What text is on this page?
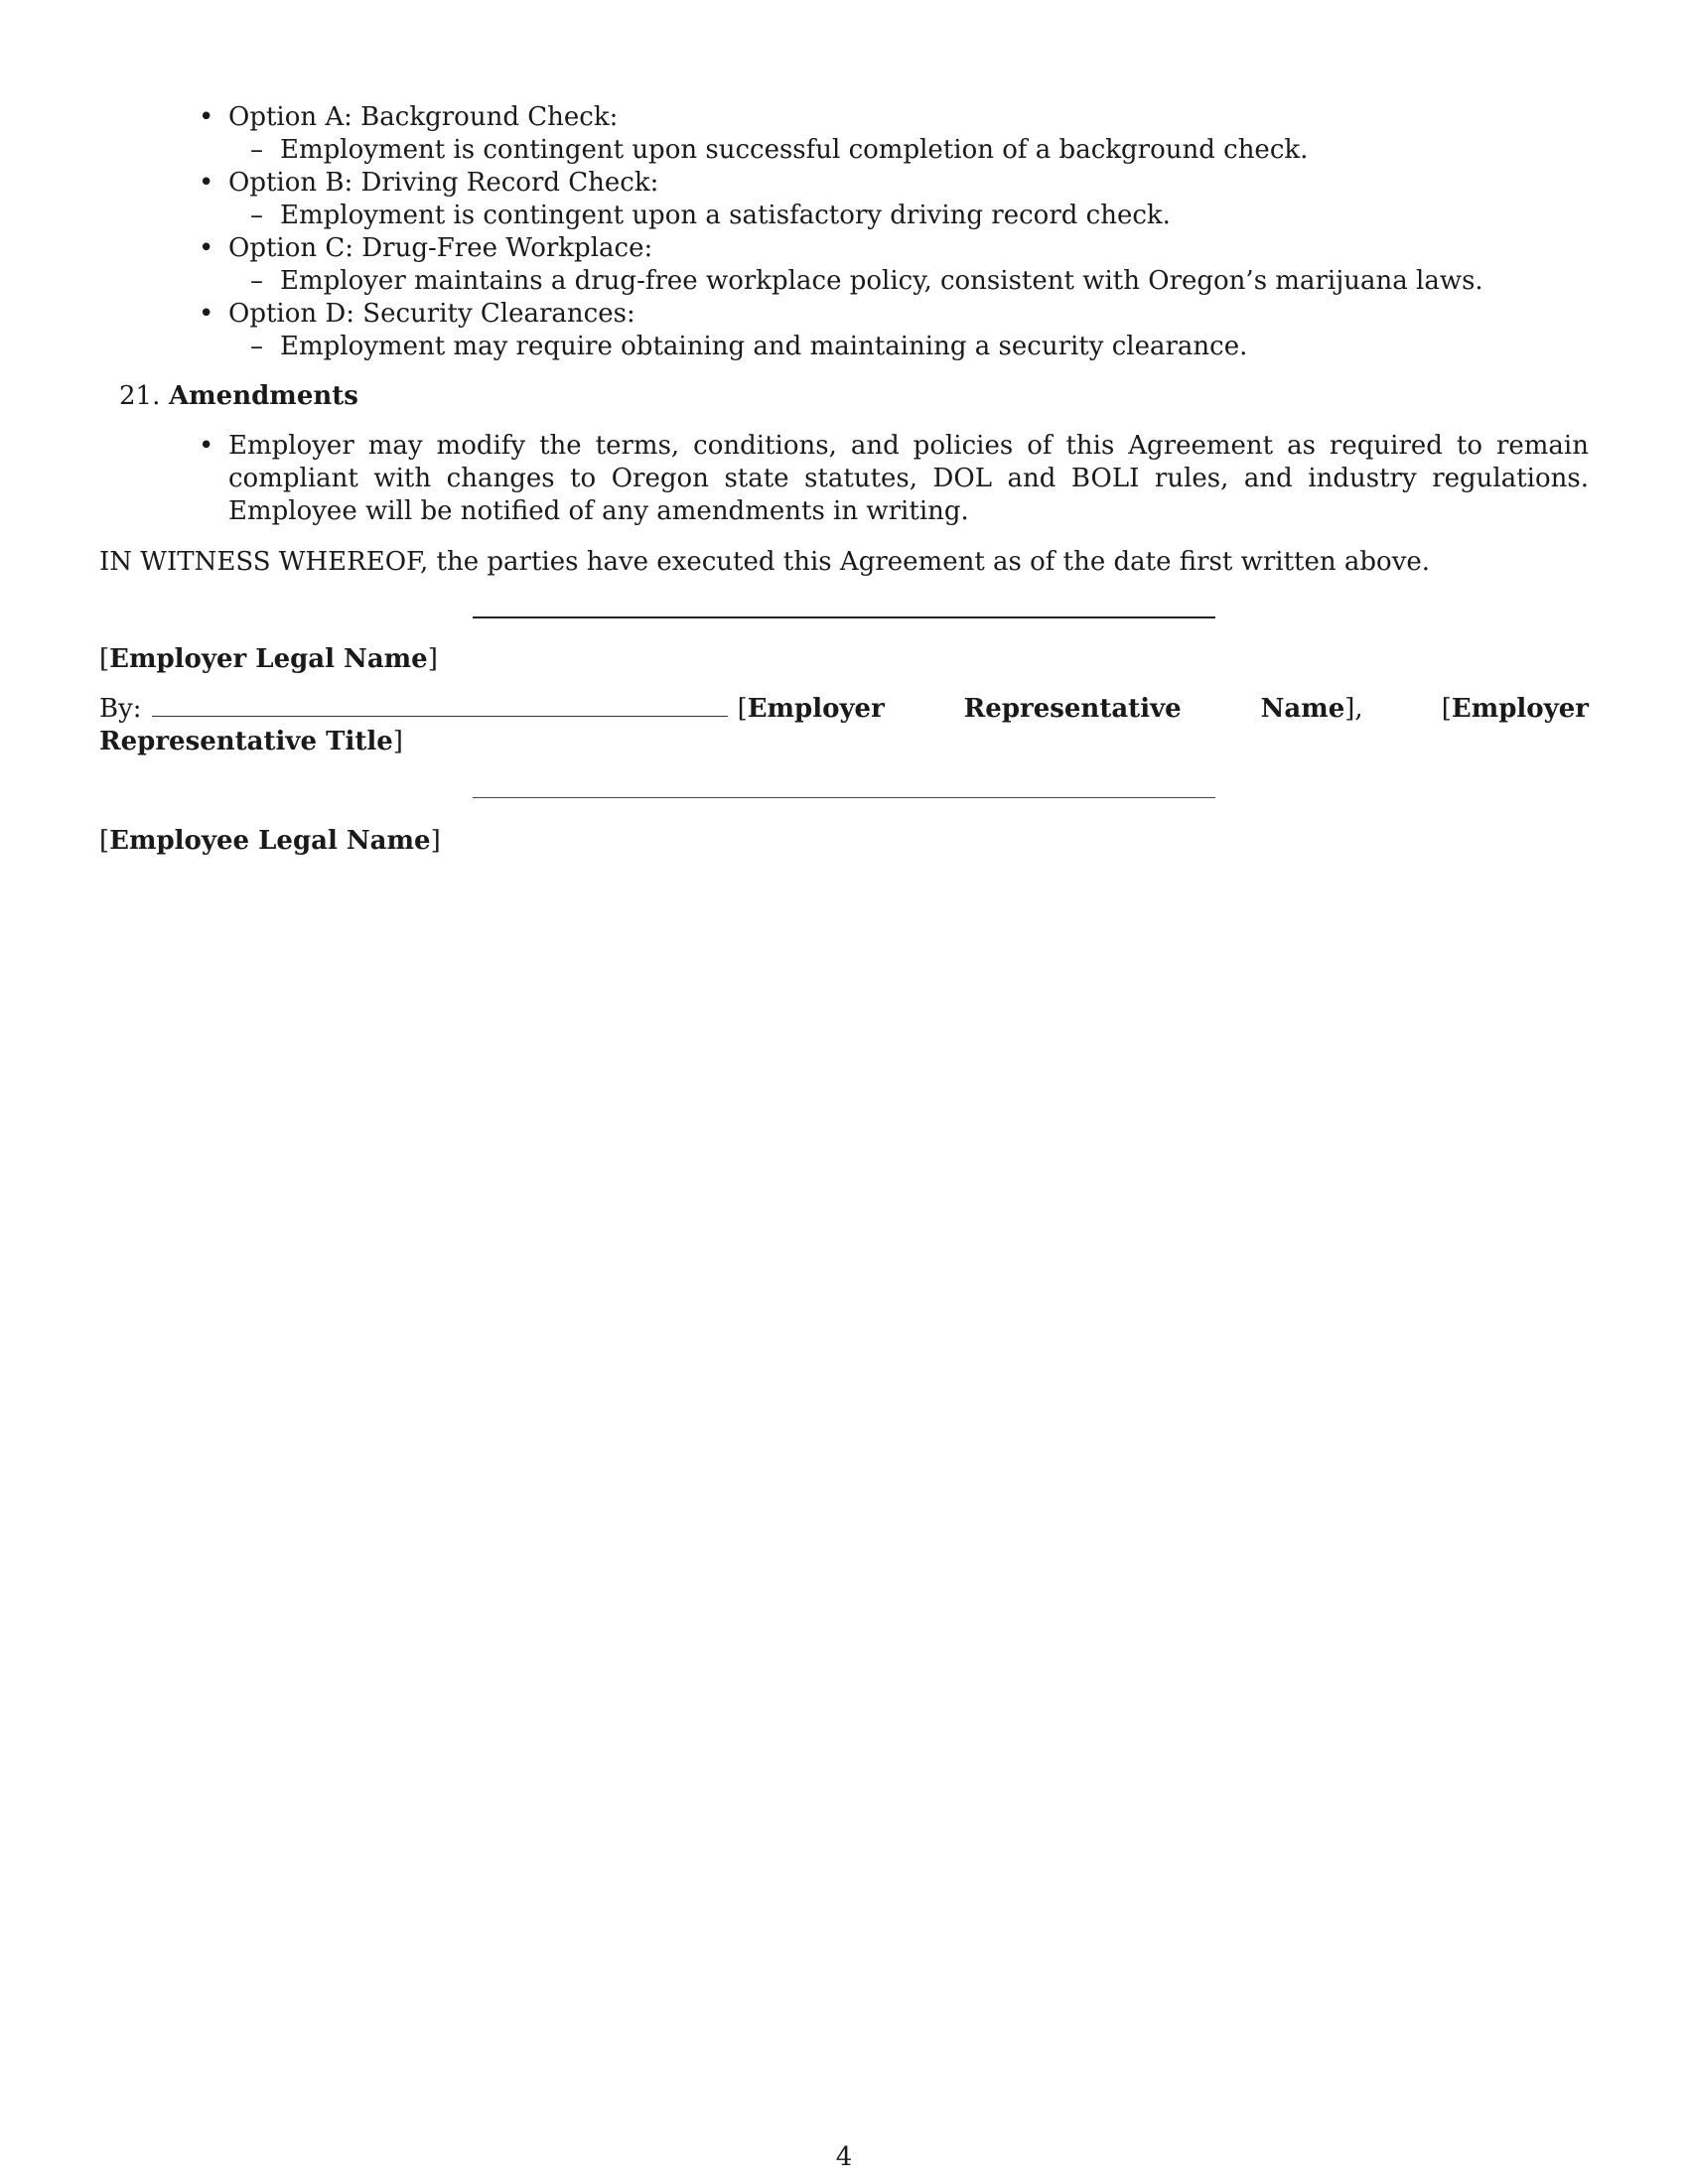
• Option A: Background Check:
– Employment is contingent upon successful completion of a background check.
• Option B: Driving Record Check:
– Employment is contingent upon a satisfactory driving record check.
• Option C: Drug-Free Workplace:
– Employer maintains a drug-free workplace policy, consistent with Oregon’s marijuana laws.
• Option D: Security Clearances:
– Employment may require obtaining and maintaining a security clearance.
21. Amendments
• Employer may modify the terms, conditions, and policies of this Agreement as required to remain compliant with changes to Oregon state statutes, DOL and BOLI rules, and industry regulations. Employee will be notified of any amendments in writing.
IN WITNESS WHEREOF, the parties have executed this Agreement as of the date first written above.
[Employer Legal Name]
By:	[Employer Representative Name], [Employer Representative Title]
[Employee Legal Name]
4
